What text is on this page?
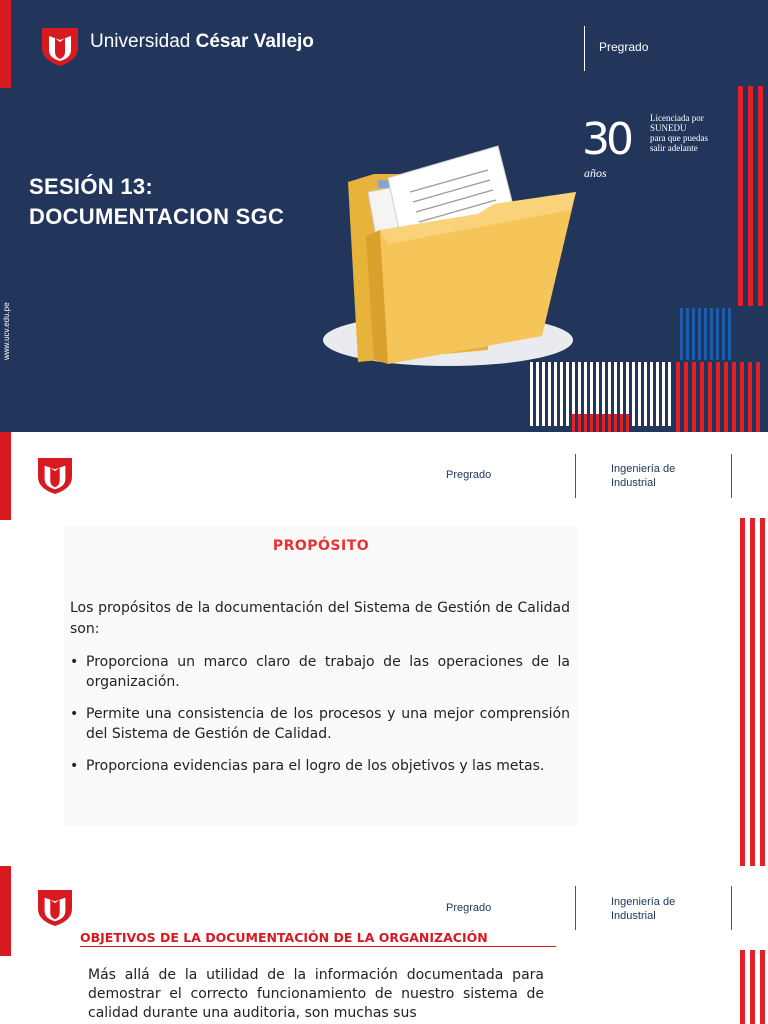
Universidad César Vallejo	Pregrado
30
años
Licenciada por
SUNEDU
para que puedas
salir adelante
SESIÓN 13:
DOCUMENTACION SGC
www.ucv.edu.pe
Pregrado	Ingeniería de
Industrial
PROPÓSITO
Los propósitos de la documentación del Sistema de Gestión de Calidad son:
• Proporciona un marco claro de trabajo de las operaciones de la organización.
• Permite una consistencia de los procesos y una mejor comprensión del Sistema de Gestión de Calidad.
• Proporciona evidencias para el logro de los objetivos y las metas.
Pregrado	Ingeniería de
Industrial
OBJETIVOS DE LA DOCUMENTACIÓN DE LA ORGANIZACIÓN
Más allá de la utilidad de la información documentada para demostrar el correcto funcionamiento de nuestro sistema de calidad durante una auditoria, son muchas sus
